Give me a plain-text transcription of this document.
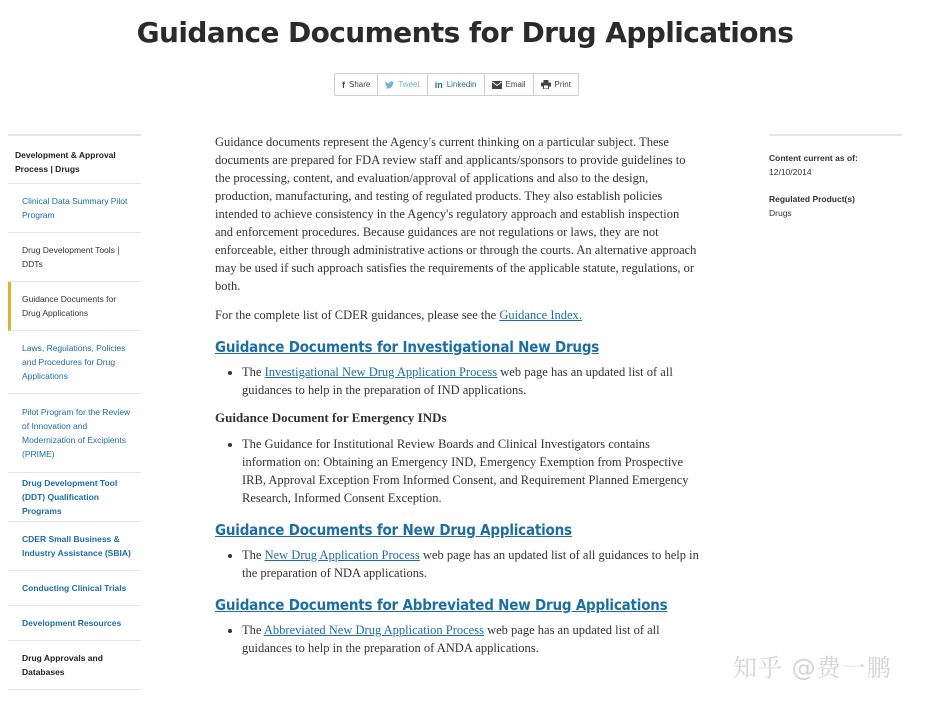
Guidance Documents for Drug Applications
f Share	Tweet in Linkedin	Email	Print
Development & Approval Process | Drugs
Clinical Data Summary Pilot Program
Drug Development Tools | DDTs
Guidance Documents for Drug Applications
Laws, Regulations, Policies and Procedures for Drug Applications
Pilot Program for the Review of Innovation and Modernization of Excipients (PRIME)
Drug Development Tool (DDT) Qualification Programs
CDER Small Business & Industry Assistance (SBIA)
Conducting Clinical Trials
Development Resources
Drug Approvals and Databases

Guidance documents represent the Agency's current thinking on a particular subject. These documents are prepared for FDA review staff and applicants/sponsors to provide guidelines to the processing, content, and evaluation/approval of applications and also to the design, production, manufacturing, and testing of regulated products. They also establish policies intended to achieve consistency in the Agency's regulatory approach and establish inspection and enforcement procedures. Because guidances are not regulations or laws, they are not enforceable, either through administrative actions or through the courts. An alternative approach may be used if such approach satisfies the requirements of the applicable statute, regulations, or both.

For the complete list of CDER guidances, please see the Guidance Index.

Guidance Documents for Investigational New Drugs
• The Investigational New Drug Application Process web page has an updated list of all guidances to help in the preparation of IND applications.

Guidance Document for Emergency INDs

• The Guidance for Institutional Review Boards and Clinical Investigators contains information on: Obtaining an Emergency IND, Emergency Exemption from Prospective IRB, Approval Exception From Informed Consent, and Requirement Planned Emergency Research, Informed Consent Exception.
Guidance Documents for New Drug Applications
• The New Drug Application Process web page has an updated list of all guidances to help in the preparation of NDA applications.
Guidance Documents for Abbreviated New Drug Applications
• The Abbreviated New Drug Application Process web page has an updated list of all guidances to help in the preparation of ANDA applications.
Content current as of:
12/10/2014
Regulated Product(s)
Drugs
知乎 @费一鹏
